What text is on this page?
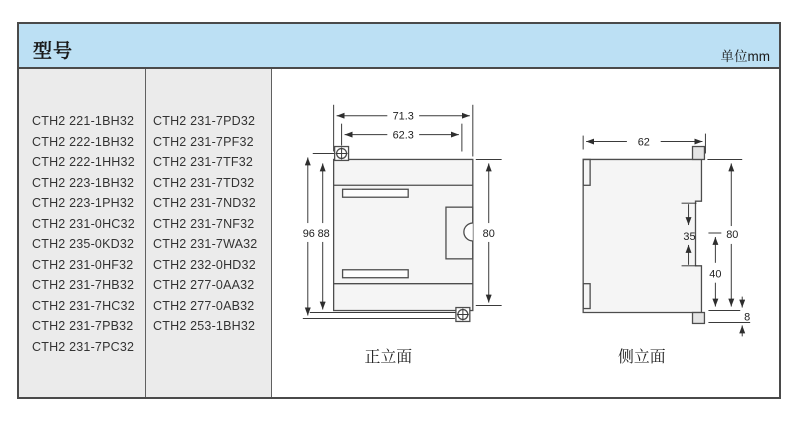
型号	单位mm
CTH2 221-1BH32
CTH2 222-1BH32
CTH2 222-1HH32
CTH2 223-1BH32
CTH2 223-1PH32
CTH2 231-0HC32
CTH2 235-0KD32
CTH2 231-0HF32
CTH2 231-7HB32
CTH2 231-7HC32
CTH2 231-7PB32
CTH2 231-7PC32
CTH2 231-7PD32
CTH2 231-7PF32
CTH2 231-7TF32
CTH2 231-7TD32
CTH2 231-7ND32
CTH2 231-7NF32
CTH2 231-7WA32
CTH2 232-0HD32
CTH2 277-0AA32
CTH2 277-0AB32
CTH2 253-1BH32
71.3
62.3
96 88	80
正立面
62
35	80
40
8
侧立面
